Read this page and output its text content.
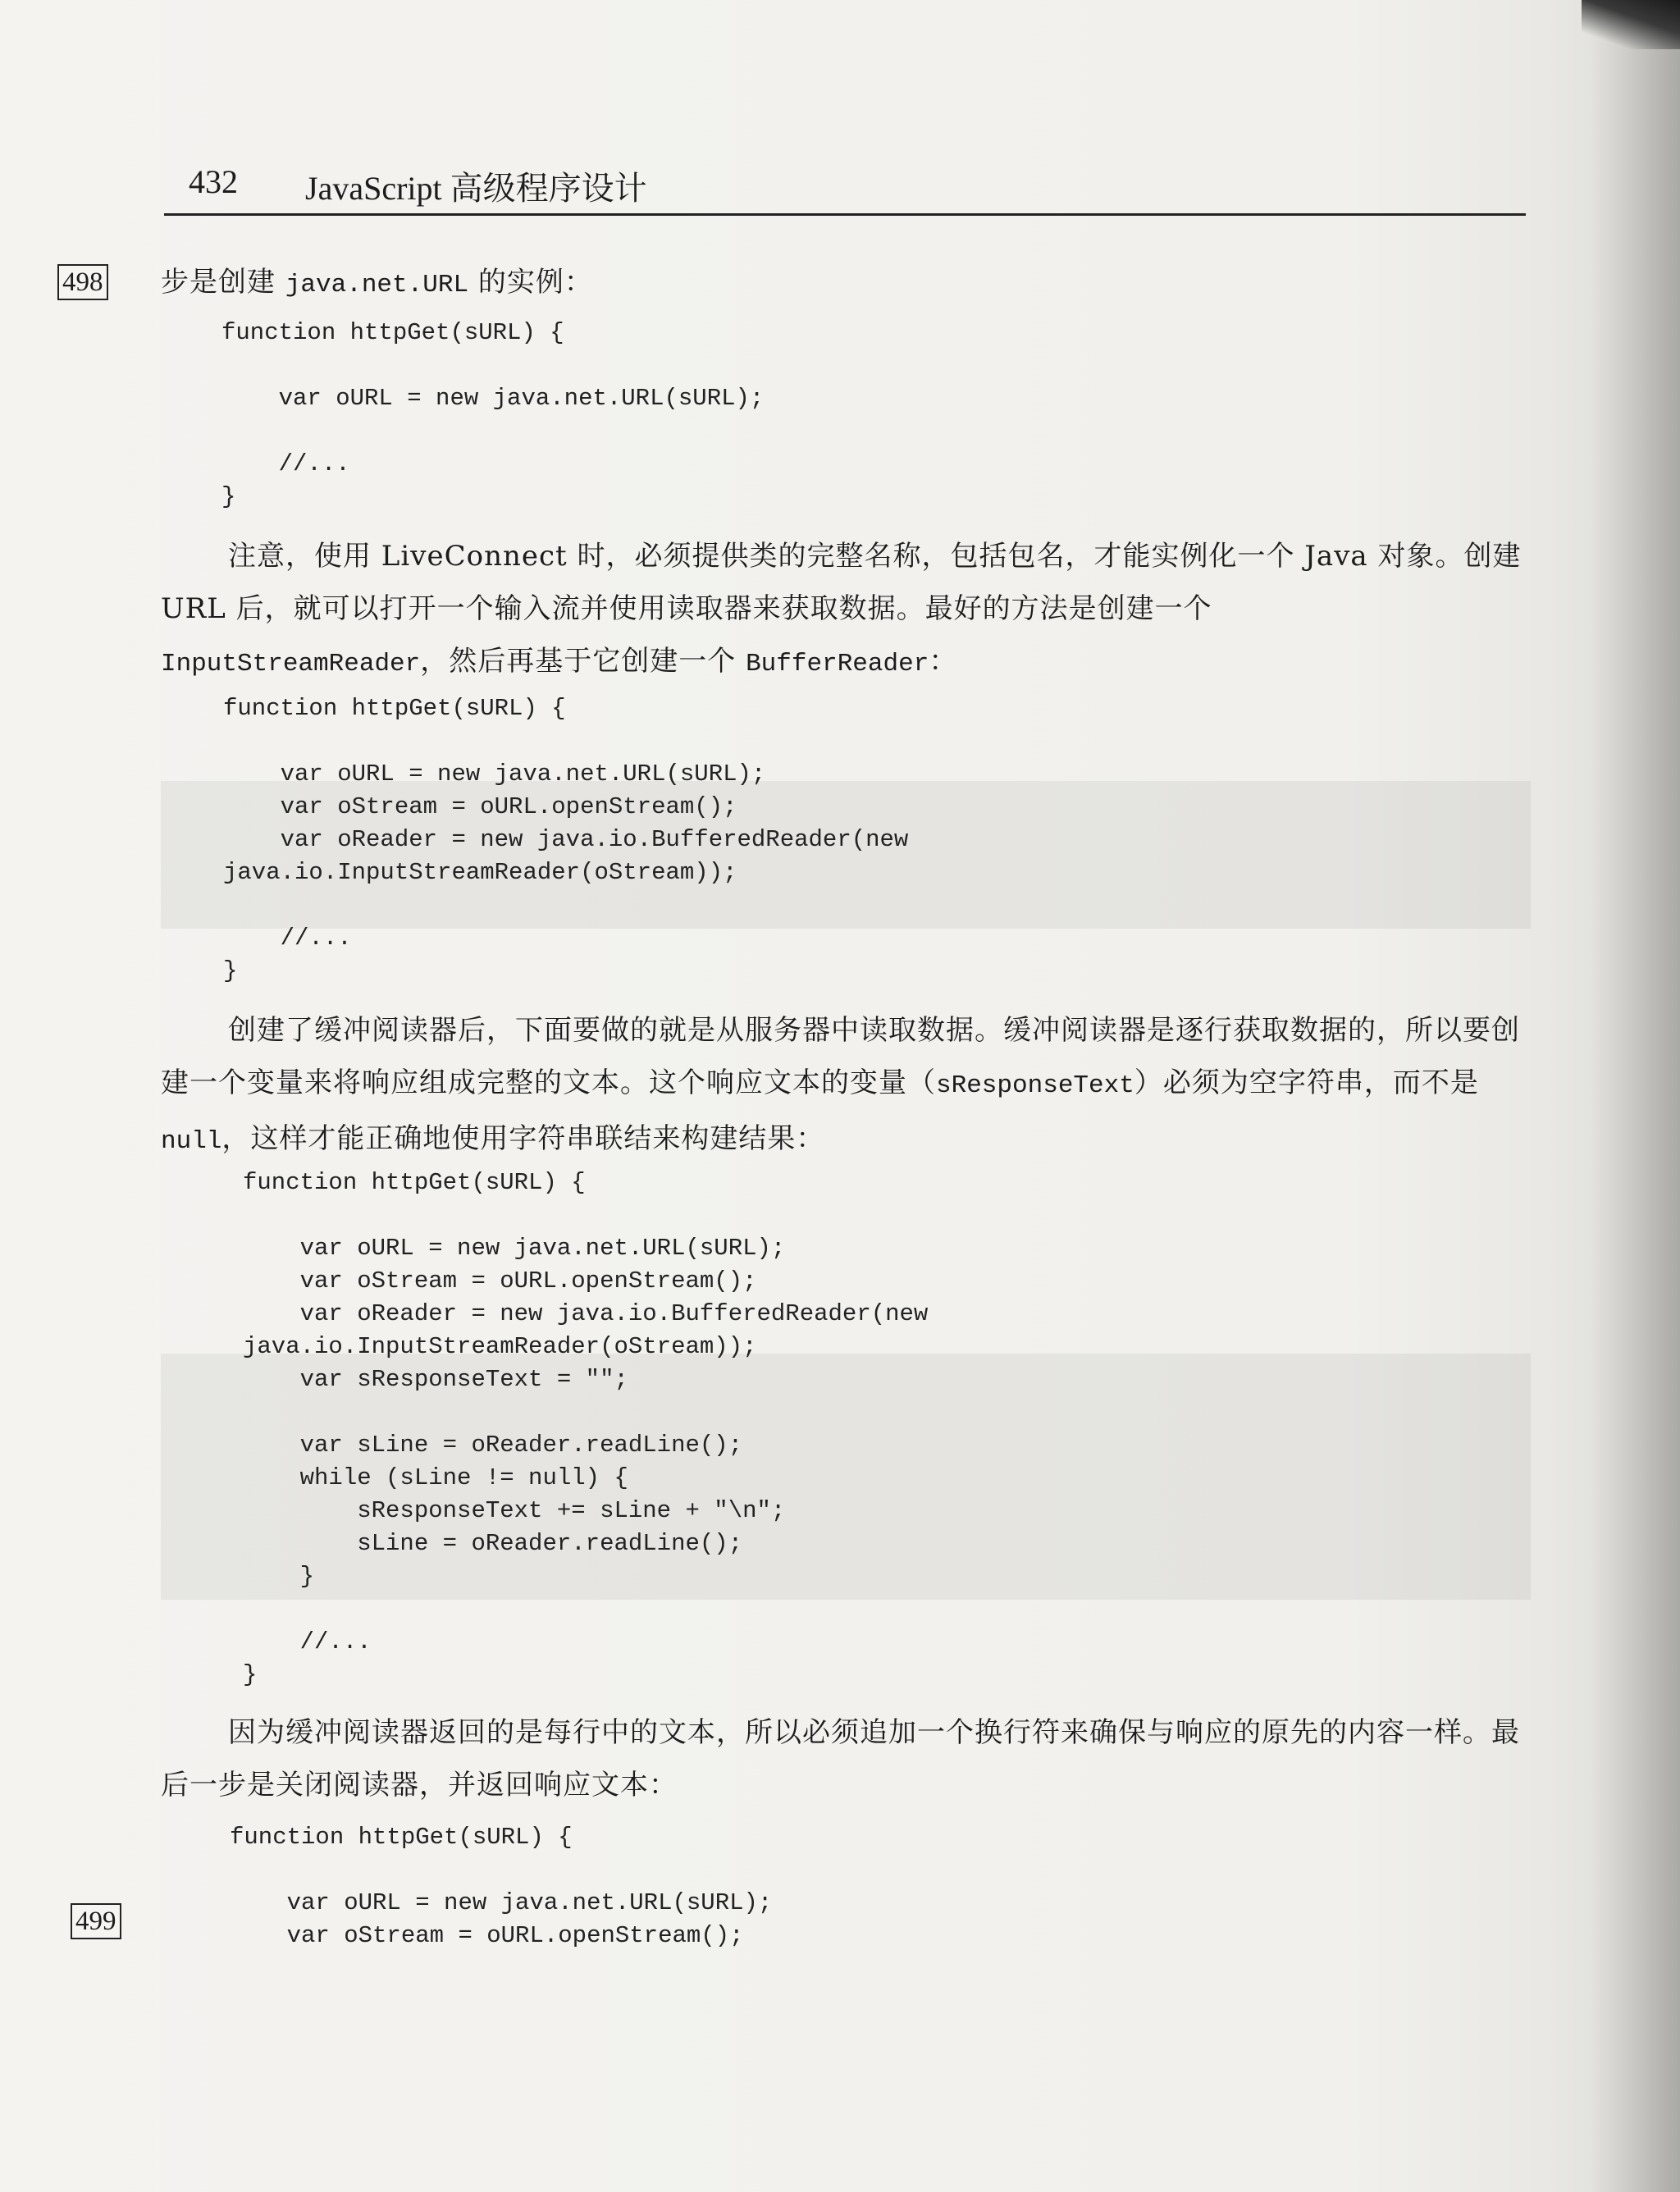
432 JavaScript 高级程序设计
498
499
步是创建 java.net.URL 的实例：
function httpGet(sURL) {

var oURL = new java.net.URL(sURL);

//...
}
注意，使用 LiveConnect 时，必须提供类的完整名称，包括包名，才能实例化一个 Java 对象。创建 URL 后，就可以打开一个输入流并使用读取器来获取数据。最好的方法是创建一个
InputStreamReader，然后再基于它创建一个 BufferReader：
function httpGet(sURL) {

var oURL = new java.net.URL(sURL);
var oStream = oURL.openStream();
var oReader = new java.io.BufferedReader(new
java.io.InputStreamReader(oStream));

//...
}
创建了缓冲阅读器后，下面要做的就是从服务器中读取数据。缓冲阅读器是逐行获取数据的，所以要创建一个变量来将响应组成完整的文本。这个响应文本的变量（sResponseText）必须为空字符串，而不是 null，这样才能正确地使用字符串联结来构建结果：
function httpGet(sURL) {

var oURL = new java.net.URL(sURL);
var oStream = oURL.openStream();
var oReader = new java.io.BufferedReader(new
java.io.InputStreamReader(oStream));
var sResponseText = "";

var sLine = oReader.readLine();
while (sLine != null) {
sResponseText += sLine + "\n";
sLine = oReader.readLine();
}

//...
}
因为缓冲阅读器返回的是每行中的文本，所以必须追加一个换行符来确保与响应的原先的内容一样。最后一步是关闭阅读器，并返回响应文本：
function httpGet(sURL) {

var oURL = new java.net.URL(sURL);
var oStream = oURL.openStream();
